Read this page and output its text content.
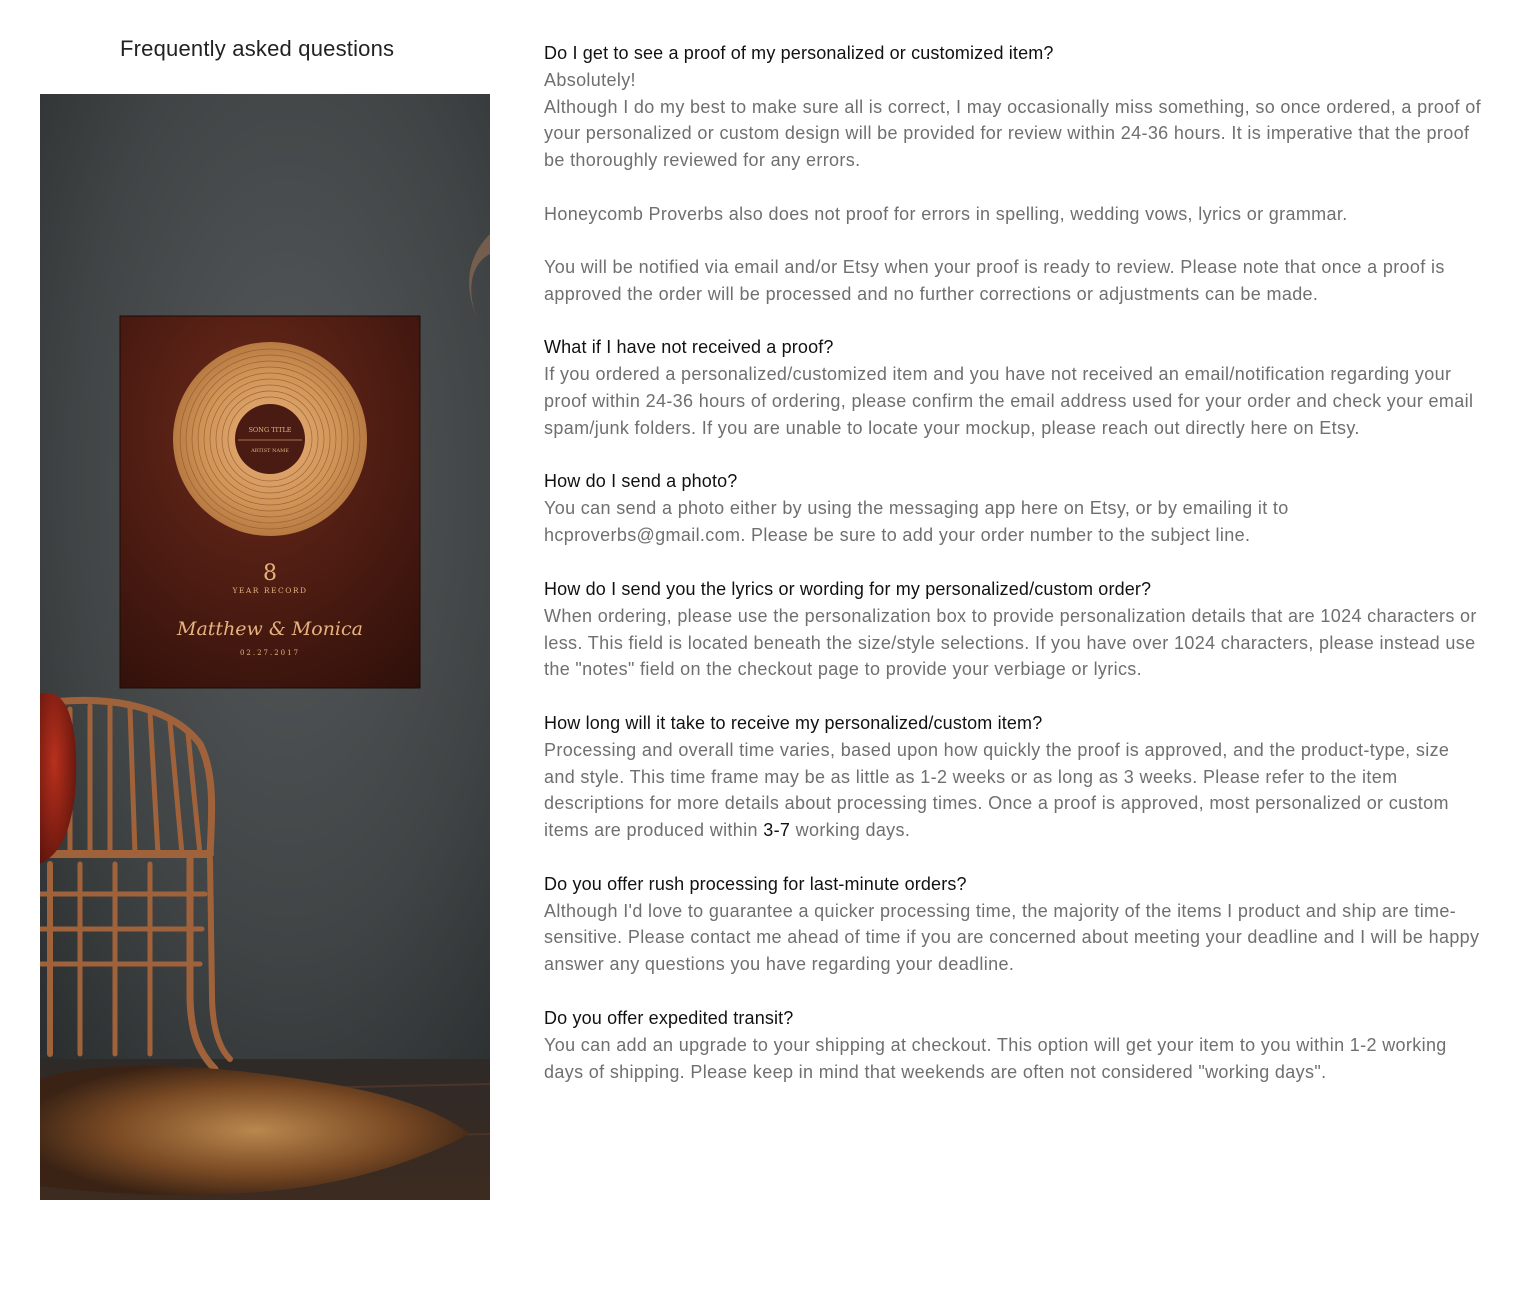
Frequently asked questions
SONG TITLE
ARTIST NAME
8
YEAR RECORD
Matthew & Monica
02.27.2017
Do I get to see a proof of my personalized or customized item?

Absolutely!
Although I do my best to make sure all is correct, I may occasionally miss something, so once ordered, a proof of your personalized or custom design will be provided for review within 24-36 hours. It is imperative that the proof be thoroughly reviewed for any errors.

Honeycomb Proverbs also does not proof for errors in spelling, wedding vows, lyrics or grammar.

You will be notified via email and/or Etsy when your proof is ready to review. Please note that once a proof is approved the order will be processed and no further corrections or adjustments can be made.

What if I have not received a proof?

If you ordered a personalized/customized item and you have not received an email/notification regarding your proof within 24-36 hours of ordering, please confirm the email address used for your order and check your email spam/junk folders. If you are unable to locate your mockup, please reach out directly here on Etsy.

How do I send a photo?

You can send a photo either by using the messaging app here on Etsy, or by emailing it to hcproverbs@gmail.com. Please be sure to add your order number to the subject line.

How do I send you the lyrics or wording for my personalized/custom order?

When ordering, please use the personalization box to provide personalization details that are 1024 characters or less. This field is located beneath the size/style selections. If you have over 1024 characters, please instead use the "notes" field on the checkout page to provide your verbiage or lyrics.

How long will it take to receive my personalized/custom item?

Processing and overall time varies, based upon how quickly the proof is approved, and the product-type, size and style. This time frame may be as little as 1-2 weeks or as long as 3 weeks. Please refer to the item descriptions for more details about processing times. Once a proof is approved, most personalized or custom items are produced within 3-7 working days.

Do you offer rush processing for last-minute orders?

Although I'd love to guarantee a quicker processing time, the majority of the items I product and ship are time-sensitive. Please contact me ahead of time if you are concerned about meeting your deadline and I will be happy answer any questions you have regarding your deadline.

Do you offer expedited transit?

You can add an upgrade to your shipping at checkout. This option will get your item to you within 1-2 working days of shipping. Please keep in mind that weekends are often not considered "working days".
